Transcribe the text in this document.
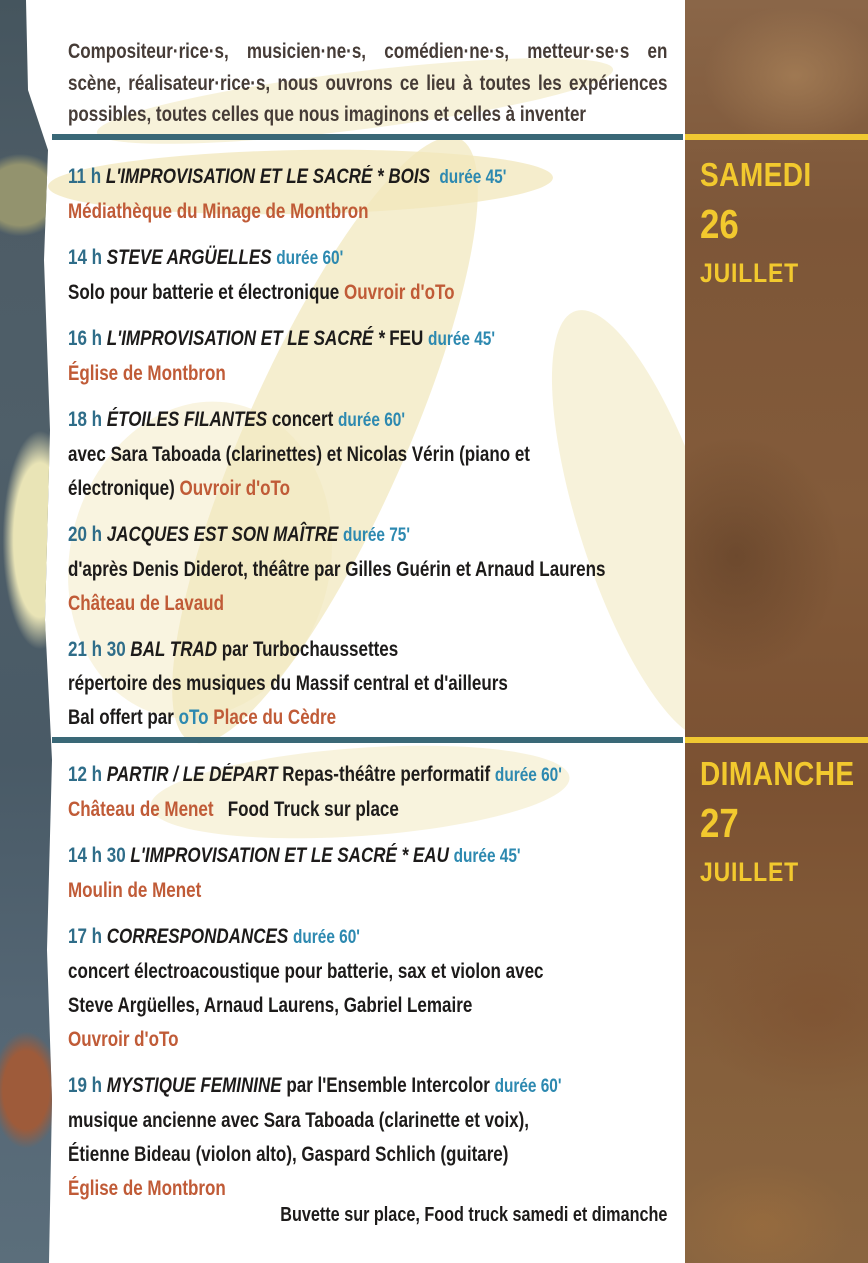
SAMEDI
26
JUILLET
DIMANCHE
27
JUILLET
Compositeur·rice·s, musicien·ne·s, comédien·ne·s, metteur·se·s en scène, réalisateur·rice·s, nous ouvrons ce lieu à toutes les expériences possibles, toutes celles que nous imaginons et celles à inventer
11 h L'IMPROVISATION ET LE SACRÉ * BOIS durée 45'
Médiathèque du Minage de Montbron
14 h STEVE ARGÜELLES durée 60'
Solo pour batterie et électronique Ouvroir d'oTo
16 h L'IMPROVISATION ET LE SACRÉ * FEU durée 45'
Église de Montbron
18 h ÉTOILES FILANTES concert durée 60'
avec Sara Taboada (clarinettes) et Nicolas Vérin (piano et
électronique) Ouvroir d'oTo
20 h JACQUES EST SON MAÎTRE durée 75'
d'après Denis Diderot, théâtre par Gilles Guérin et Arnaud Laurens
Château de Lavaud
21 h 30 BAL TRAD par Turbochaussettes
répertoire des musiques du Massif central et d'ailleurs
Bal offert par oTo Place du Cèdre
12 h PARTIR / LE DÉPART Repas-théâtre performatif durée 60'
Château de Menet   Food Truck sur place
14 h 30 L'IMPROVISATION ET LE SACRÉ * EAU durée 45'
Moulin de Menet
17 h CORRESPONDANCES durée 60'
concert électroacoustique pour batterie, sax et violon avec
Steve Argüelles, Arnaud Laurens, Gabriel Lemaire
Ouvroir d'oTo
19 h MYSTIQUE FEMININE par l'Ensemble Intercolor durée 60'
musique ancienne avec Sara Taboada (clarinette et voix),
Étienne Bideau (violon alto), Gaspard Schlich (guitare)
Église de Montbron
Buvette sur place, Food truck samedi et dimanche
